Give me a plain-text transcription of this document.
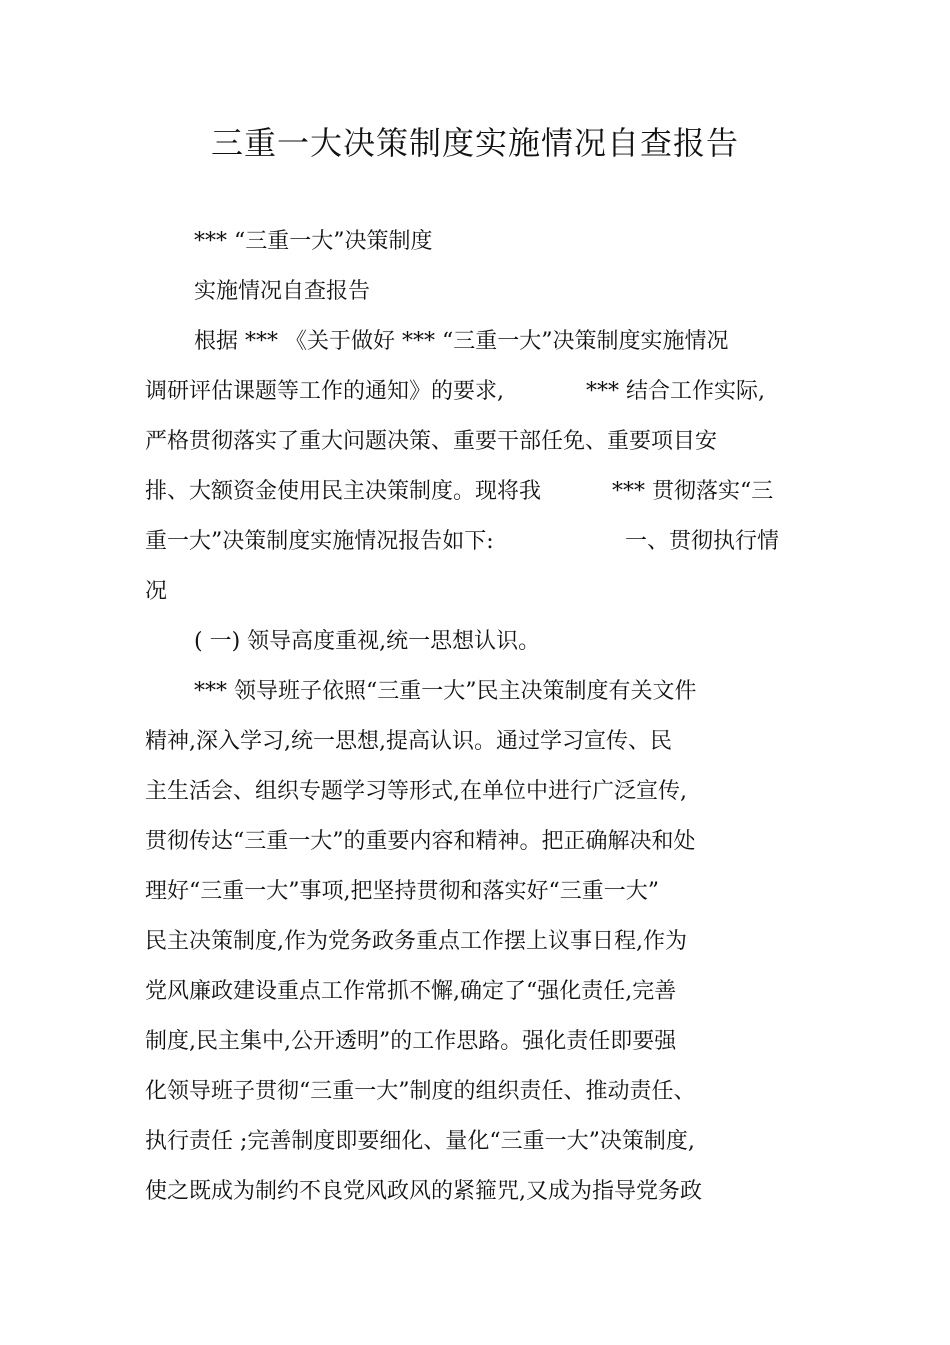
三重一大决策制度实施情况自查报告
*** “三重一大”决策制度
实施情况自查报告
根据 *** 《关于做好 *** “三重一大”决策制度实施情况
调研评估课题等工作的通知》的要求,	*** 结合工作实际,
严格贯彻落实了重大问题决策、重要干部任免、重要项目安
排、大额资金使用民主决策制度。现将我	*** 贯彻落实“三
重一大”决策制度实施情况报告如下:	一、贯彻执行情
况
( 一) 领导高度重视,统一思想认识。
*** 领导班子依照“三重一大”民主决策制度有关文件
精神,深入学习,统一思想,提高认识。通过学习宣传、民
主生活会、组织专题学习等形式,在单位中进行广泛宣传,
贯彻传达“三重一大”的重要内容和精神。把正确解决和处
理好“三重一大”事项,把坚持贯彻和落实好“三重一大”
民主决策制度,作为党务政务重点工作摆上议事日程,作为
党风廉政建设重点工作常抓不懈,确定了“强化责任,完善
制度,民主集中,公开透明”的工作思路。强化责任即要强
化领导班子贯彻“三重一大”制度的组织责任、推动责任、
执行责任 ;完善制度即要细化、量化“三重一大”决策制度,
使之既成为制约不良党风政风的紧箍咒,又成为指导党务政
